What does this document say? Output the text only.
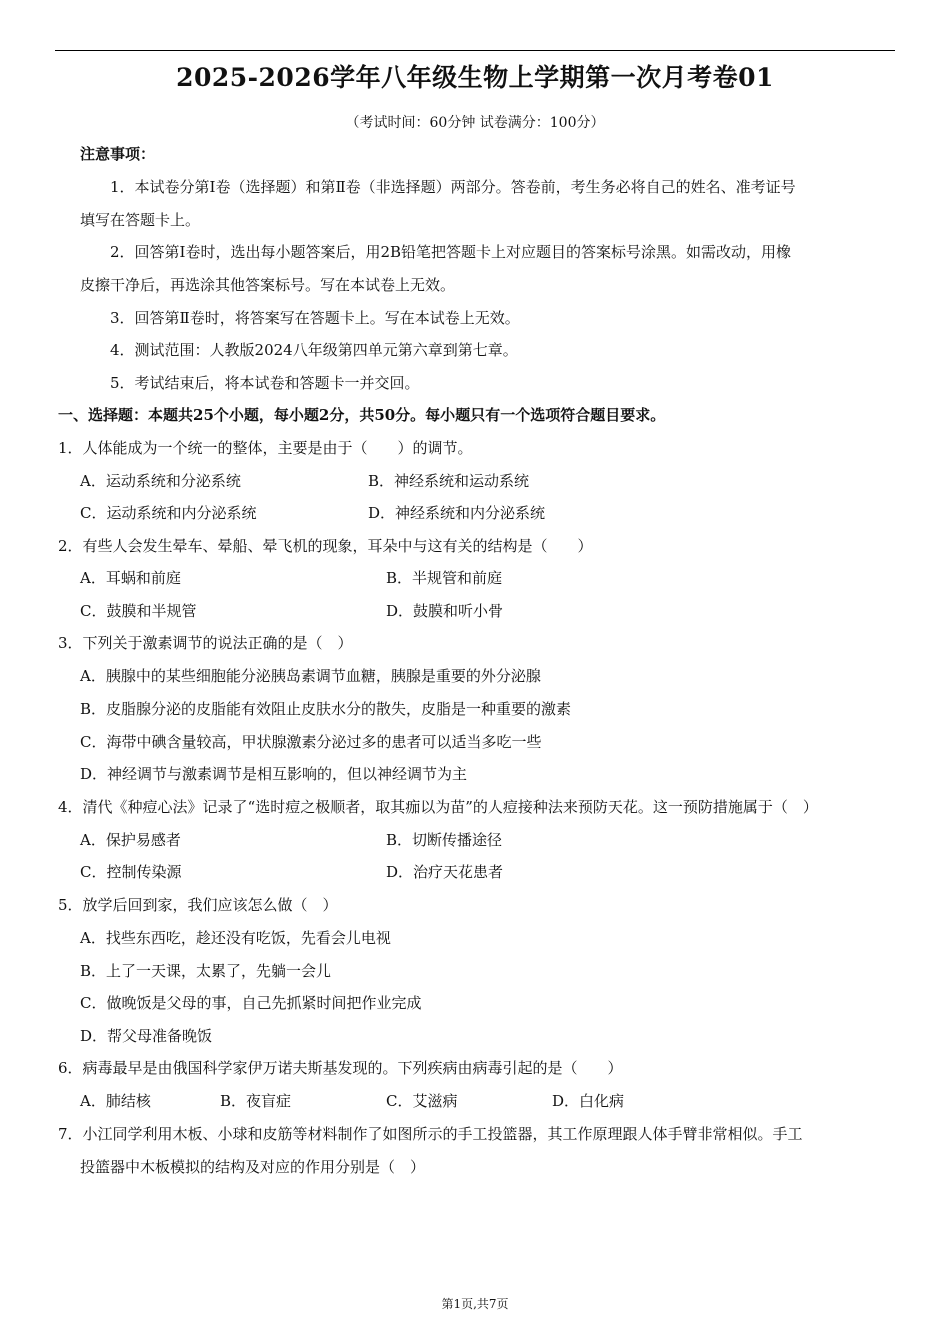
2025-2026学年八年级生物上学期第一次月考卷01
（考试时间：60分钟 试卷满分：100分）
注意事项：
1．本试卷分第Ⅰ卷（选择题）和第Ⅱ卷（非选择题）两部分。答卷前，考生务必将自己的姓名、准考证号
填写在答题卡上。
2．回答第Ⅰ卷时，选出每小题答案后，用2B铅笔把答题卡上对应题目的答案标号涂黑。如需改动，用橡
皮擦干净后，再选涂其他答案标号。写在本试卷上无效。
3．回答第Ⅱ卷时，将答案写在答题卡上。写在本试卷上无效。
4．测试范围：人教版2024八年级第四单元第六章到第七章。
5．考试结束后，将本试卷和答题卡一并交回。
一、选择题：本题共25个小题，每小题2分，共50分。每小题只有一个选项符合题目要求。
1．人体能成为一个统一的整体，主要是由于（　　）的调节。
A．运动系统和分泌系统	B．神经系统和运动系统
C．运动系统和内分泌系统	D．神经系统和内分泌系统
2．有些人会发生晕车、晕船、晕飞机的现象，耳朵中与这有关的结构是（　　）
A．耳蜗和前庭	B．半规管和前庭
C．鼓膜和半规管	D．鼓膜和听小骨
3．下列关于激素调节的说法正确的是（　）
A．胰腺中的某些细胞能分泌胰岛素调节血糖，胰腺是重要的外分泌腺
B．皮脂腺分泌的皮脂能有效阻止皮肤水分的散失，皮脂是一种重要的激素
C．海带中碘含量较高，甲状腺激素分泌过多的患者可以适当多吃一些
D．神经调节与激素调节是相互影响的，但以神经调节为主
4．清代《种痘心法》记录了“选时痘之极顺者，取其痂以为苗”的人痘接种法来预防天花。这一预防措施属于（　）
A．保护易感者	B．切断传播途径
C．控制传染源	D．治疗天花患者
5．放学后回到家，我们应该怎么做（　）
A．找些东西吃，趁还没有吃饭，先看会儿电视
B．上了一天课，太累了，先躺一会儿
C．做晚饭是父母的事，自己先抓紧时间把作业完成
D．帮父母准备晚饭
6．病毒最早是由俄国科学家伊万诺夫斯基发现的。下列疾病由病毒引起的是（　　）
A．肺结核	B．夜盲症	C．艾滋病	D．白化病
7．小江同学利用木板、小球和皮筋等材料制作了如图所示的手工投篮器，其工作原理跟人体手臂非常相似。手工
投篮器中木板模拟的结构及对应的作用分别是（　）
第1页,共7页
